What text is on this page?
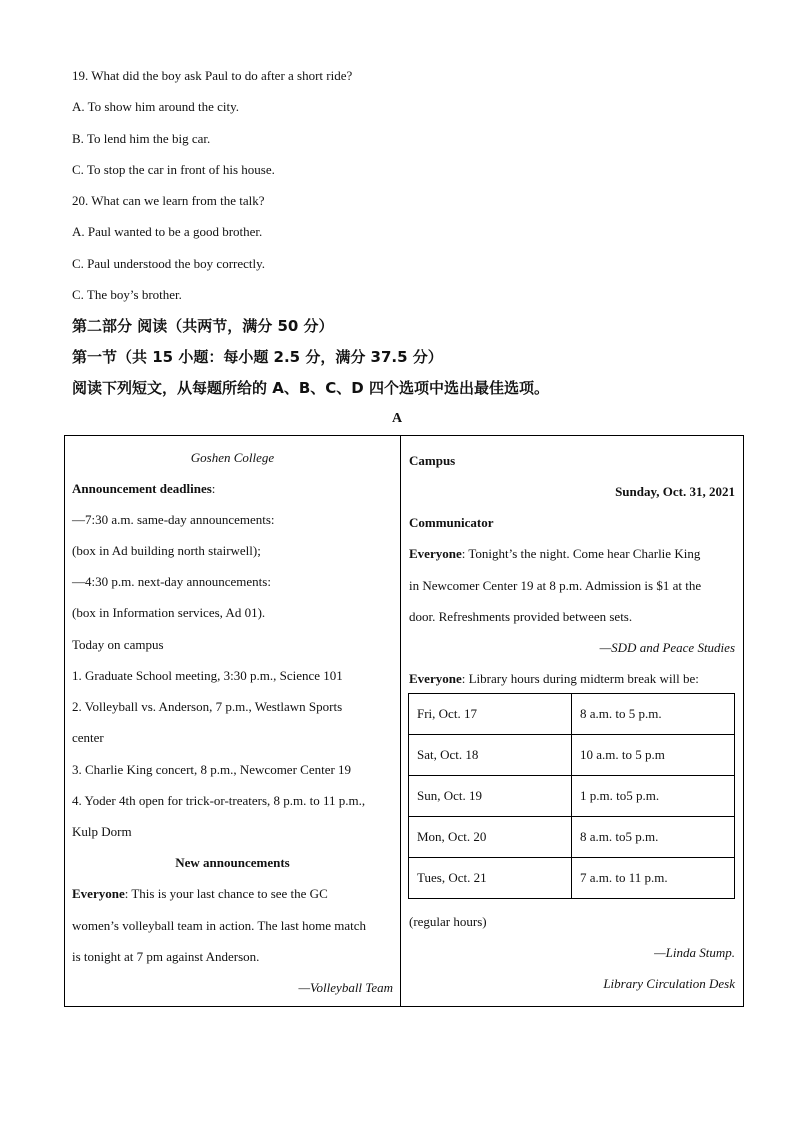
19. What did the boy ask Paul to do after a short ride?
A. To show him around the city.
B. To lend him the big car.
C. To stop the car in front of his house.
20. What can we learn from the talk?
A. Paul wanted to be a good brother.
C. Paul understood the boy correctly.
C. The boy’s brother.
第二部分 阅读（共两节，满分 50 分）
第一节（共 15 小题：每小题 2.5 分，满分 37.5 分）
阅读下列短文，从每题所给的 A、B、C、D 四个选项中选出最佳选项。
A
Goshen College
Announcement deadlines:
—7:30 a.m. same-day announcements:
(box in Ad building north stairwell);
—4:30 p.m. next-day announcements:
(box in Information services, Ad 01).
Today on campus
1. Graduate School meeting, 3:30 p.m., Science 101
2. Volleyball vs. Anderson, 7 p.m., Westlawn Sports
center
3. Charlie King concert, 8 p.m., Newcomer Center 19
4. Yoder 4th open for trick-or-treaters, 8 p.m. to 11 p.m.,
Kulp Dorm
New announcements
Everyone: This is your last chance to see the GC
women’s volleyball team in action. The last home match
is tonight at 7 pm against Anderson.
—Volleyball Team
Campus
Sunday, Oct. 31, 2021
Communicator
Everyone: Tonight’s the night. Come hear Charlie King
in Newcomer Center 19 at 8 p.m. Admission is $1 at the
door. Refreshments provided between sets.
—SDD and Peace Studies
Everyone: Library hours during midterm break will be:
Fri, Oct. 17	8 a.m. to 5 p.m.
Sat, Oct. 18	10 a.m. to 5 p.m
Sun, Oct. 19	1 p.m. to5 p.m.
Mon, Oct. 20	8 a.m. to5 p.m.
Tues, Oct. 21	7 a.m. to 11 p.m.
(regular hours)
—Linda Stump.
Library Circulation Desk
